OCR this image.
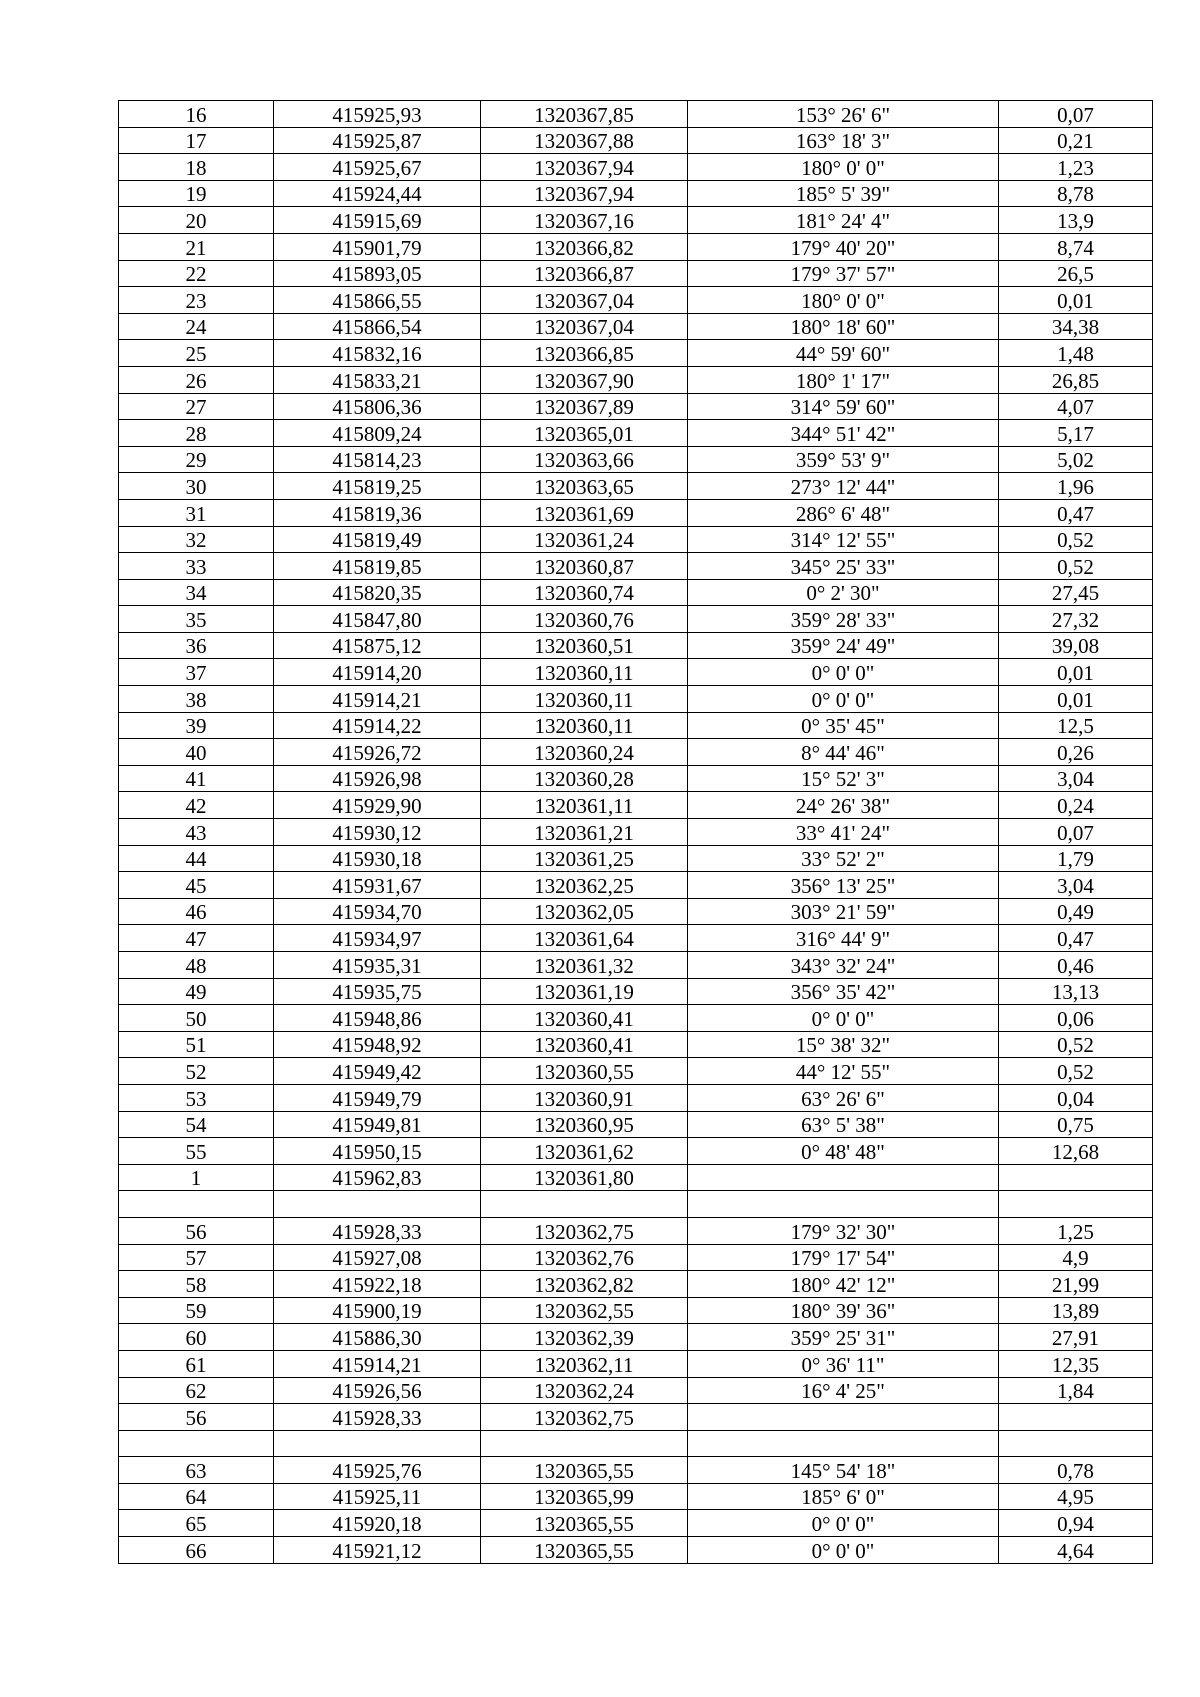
16	415925,93	1320367,85	153° 26' 6"	0,07
17	415925,87	1320367,88	163° 18' 3"	0,21
18	415925,67	1320367,94	180° 0' 0"	1,23
19	415924,44	1320367,94	185° 5' 39"	8,78
20	415915,69	1320367,16	181° 24' 4"	13,9
21	415901,79	1320366,82	179° 40' 20"	8,74
22	415893,05	1320366,87	179° 37' 57"	26,5
23	415866,55	1320367,04	180° 0' 0"	0,01
24	415866,54	1320367,04	180° 18' 60"	34,38
25	415832,16	1320366,85	44° 59' 60"	1,48
26	415833,21	1320367,90	180° 1' 17"	26,85
27	415806,36	1320367,89	314° 59' 60"	4,07
28	415809,24	1320365,01	344° 51' 42"	5,17
29	415814,23	1320363,66	359° 53' 9"	5,02
30	415819,25	1320363,65	273° 12' 44"	1,96
31	415819,36	1320361,69	286° 6' 48"	0,47
32	415819,49	1320361,24	314° 12' 55"	0,52
33	415819,85	1320360,87	345° 25' 33"	0,52
34	415820,35	1320360,74	0° 2' 30"	27,45
35	415847,80	1320360,76	359° 28' 33"	27,32
36	415875,12	1320360,51	359° 24' 49"	39,08
37	415914,20	1320360,11	0° 0' 0"	0,01
38	415914,21	1320360,11	0° 0' 0"	0,01
39	415914,22	1320360,11	0° 35' 45"	12,5
40	415926,72	1320360,24	8° 44' 46"	0,26
41	415926,98	1320360,28	15° 52' 3"	3,04
42	415929,90	1320361,11	24° 26' 38"	0,24
43	415930,12	1320361,21	33° 41' 24"	0,07
44	415930,18	1320361,25	33° 52' 2"	1,79
45	415931,67	1320362,25	356° 13' 25"	3,04
46	415934,70	1320362,05	303° 21' 59"	0,49
47	415934,97	1320361,64	316° 44' 9"	0,47
48	415935,31	1320361,32	343° 32' 24"	0,46
49	415935,75	1320361,19	356° 35' 42"	13,13
50	415948,86	1320360,41	0° 0' 0"	0,06
51	415948,92	1320360,41	15° 38' 32"	0,52
52	415949,42	1320360,55	44° 12' 55"	0,52
53	415949,79	1320360,91	63° 26' 6"	0,04
54	415949,81	1320360,95	63° 5' 38"	0,75
55	415950,15	1320361,62	0° 48' 48"	12,68
1	415962,83	1320361,80		

56	415928,33	1320362,75	179° 32' 30"	1,25
57	415927,08	1320362,76	179° 17' 54"	4,9
58	415922,18	1320362,82	180° 42' 12"	21,99
59	415900,19	1320362,55	180° 39' 36"	13,89
60	415886,30	1320362,39	359° 25' 31"	27,91
61	415914,21	1320362,11	0° 36' 11"	12,35
62	415926,56	1320362,24	16° 4' 25"	1,84
56	415928,33	1320362,75		

63	415925,76	1320365,55	145° 54' 18"	0,78
64	415925,11	1320365,99	185° 6' 0"	4,95
65	415920,18	1320365,55	0° 0' 0"	0,94
66	415921,12	1320365,55	0° 0' 0"	4,64
